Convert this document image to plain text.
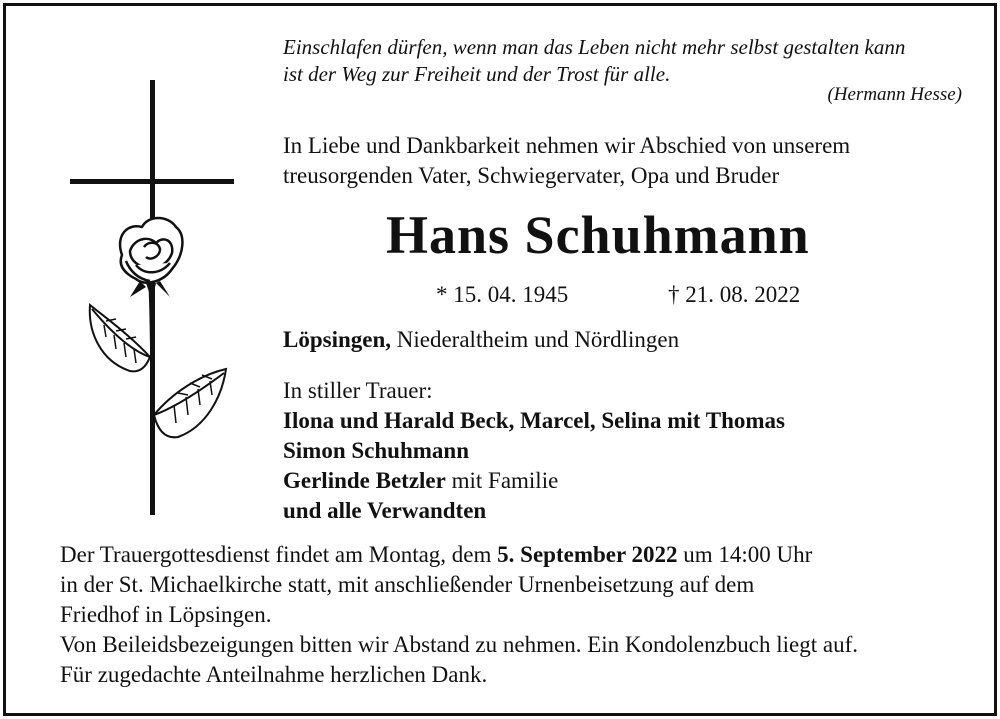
Einschlafen dürfen, wenn man das Leben nicht mehr selbst gestalten kann
ist der Weg zur Freiheit und der Trost für alle.
(Hermann Hesse)
In Liebe und Dankbarkeit nehmen wir Abschied von unserem
treusorgenden Vater, Schwiegervater, Opa und Bruder
Hans Schuhmann
* 15. 04. 1945	† 21. 08. 2022
Löpsingen, Niederaltheim und Nördlingen
In stiller Trauer:
Ilona und Harald Beck, Marcel, Selina mit Thomas
Simon Schuhmann
Gerlinde Betzler mit Familie
und alle Verwandten
Der Trauergottesdienst findet am Montag, dem 5. September 2022 um 14:00 Uhr
in der St. Michaelkirche statt, mit anschließender Urnenbeisetzung auf dem
Friedhof in Löpsingen.
Von Beileidsbezeigungen bitten wir Abstand zu nehmen. Ein Kondolenzbuch liegt auf.
Für zugedachte Anteilnahme herzlichen Dank.
